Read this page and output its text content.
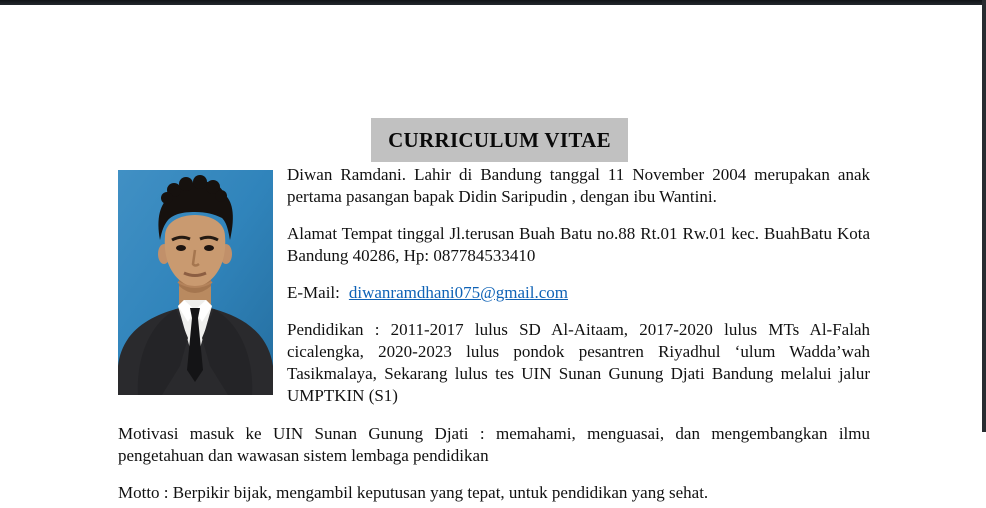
CURRICULUM VITAE

Diwan Ramdani. Lahir di Bandung tanggal 11 November 2004 merupakan anak pertama pasangan bapak Didin Saripudin , dengan ibu Wantini.

Alamat Tempat tinggal Jl.terusan Buah Batu no.88 Rt.01 Rw.01 kec. BuahBatu Kota Bandung 40286, Hp: 087784533410

E-Mail: diwanramdhani075@gmail.com

Pendidikan : 2011-2017 lulus SD Al-Aitaam, 2017-2020 lulus MTs Al-Falah cicalengka, 2020-2023 lulus pondok pesantren Riyadhul ‘ulum Wadda’wah Tasikmalaya, Sekarang lulus tes UIN Sunan Gunung Djati Bandung melalui jalur UMPTKIN (S1)

Motivasi masuk ke UIN Sunan Gunung Djati : memahami, menguasai, dan mengembangkan ilmu pengetahuan dan wawasan sistem lembaga pendidikan

Motto : Berpikir bijak, mengambil keputusan yang tepat, untuk pendidikan yang sehat.
